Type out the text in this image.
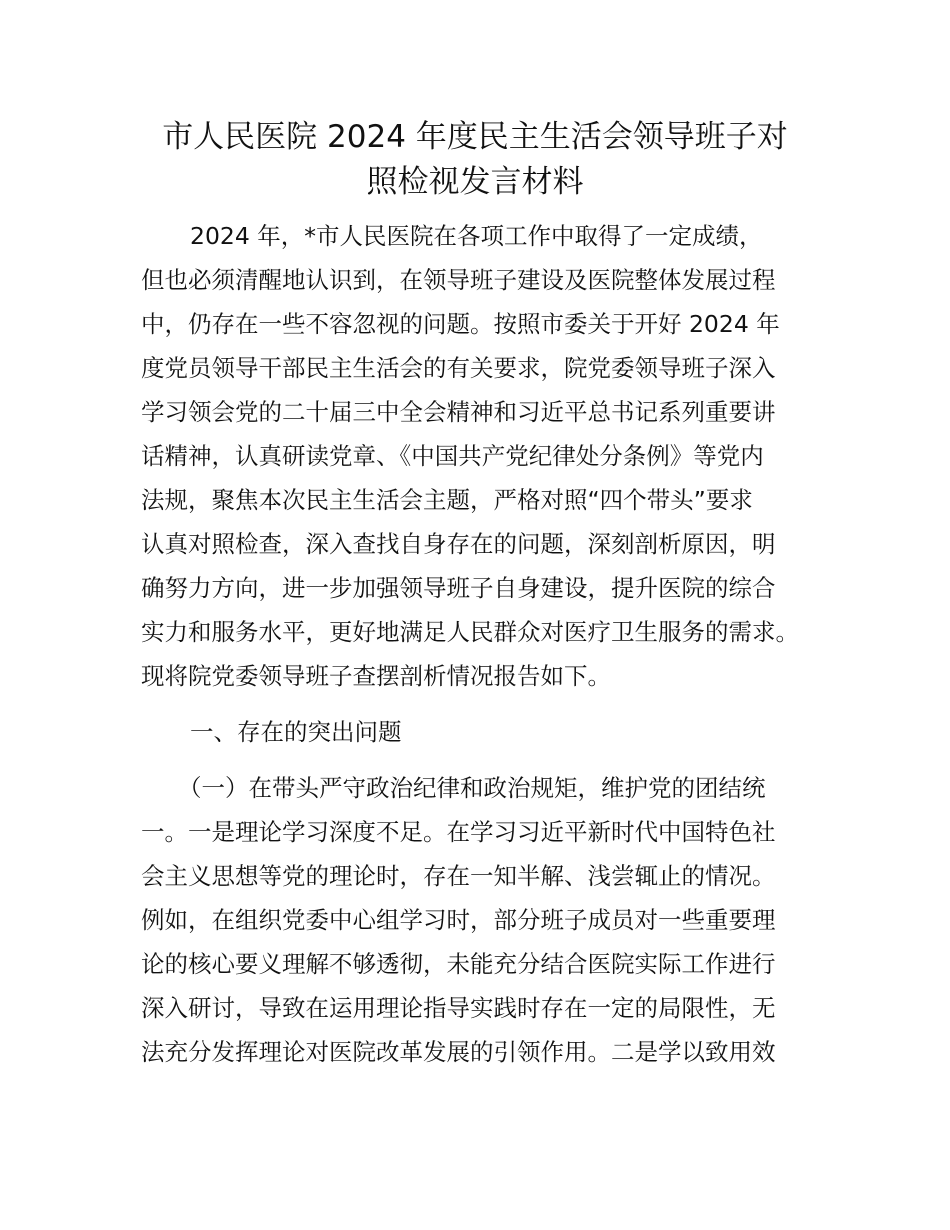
市人民医院 2024 年度民主生活会领导班子对
照检视发言材料

2024 年，*市人民医院在各项工作中取得了一定成绩，

但也必须清醒地认识到，在领导班子建设及医院整体发展过程

中，仍存在一些不容忽视的问题。按照市委关于开好 2024 年

度党员领导干部民主生活会的有关要求，院党委领导班子深入

学习领会党的二十届三中全会精神和习近平总书记系列重要讲

话精神，认真研读党章、《中国共产党纪律处分条例》等党内

法规，聚焦本次民主生活会主题，严格对照“四个带头”要求

认真对照检查，深入查找自身存在的问题，深刻剖析原因，明

确努力方向，进一步加强领导班子自身建设，提升医院的综合

实力和服务水平，更好地满足人民群众对医疗卫生服务的需求。

现将院党委领导班子查摆剖析情况报告如下。

一、存在的突出问题

（一）在带头严守政治纪律和政治规矩，维护党的团结统

一。一是理论学习深度不足。在学习习近平新时代中国特色社

会主义思想等党的理论时，存在一知半解、浅尝辄止的情况。

例如，在组织党委中心组学习时，部分班子成员对一些重要理

论的核心要义理解不够透彻，未能充分结合医院实际工作进行

深入研讨，导致在运用理论指导实践时存在一定的局限性，无

法充分发挥理论对医院改革发展的引领作用。二是学以致用效
